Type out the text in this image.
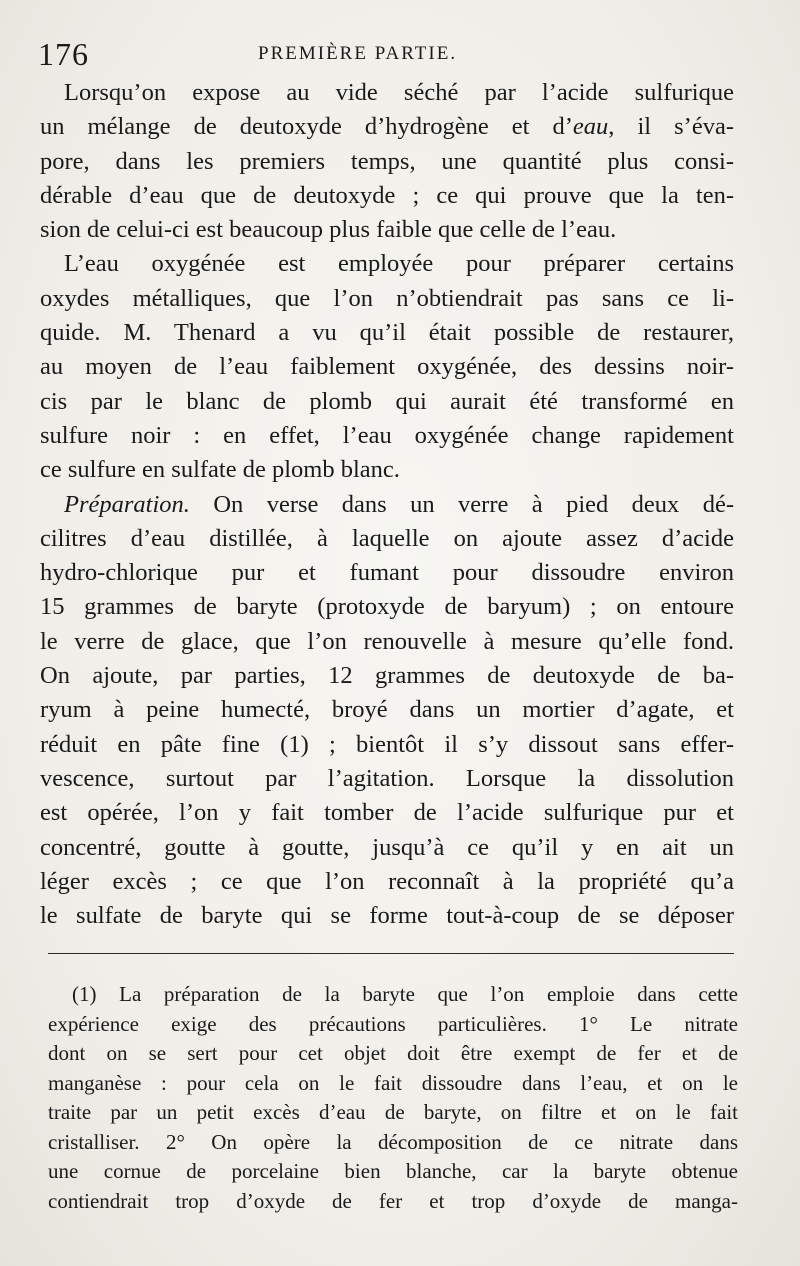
176	PREMIÈRE PARTIE.
Lorsqu’on expose au vide séché par l’acide sulfurique
un mélange de deutoxyde d’hydrogène et d’eau, il s’éva-
pore, dans les premiers temps, une quantité plus consi-
dérable d’eau que de deutoxyde ; ce qui prouve que la ten-
sion de celui-ci est beaucoup plus faible que celle de l’eau.
L’eau oxygénée est employée pour préparer certains
oxydes métalliques, que l’on n’obtiendrait pas sans ce li-
quide. M. Thenard a vu qu’il était possible de restaurer,
au moyen de l’eau faiblement oxygénée, des dessins noir-
cis par le blanc de plomb qui aurait été transformé en
sulfure noir : en effet, l’eau oxygénée change rapidement
ce sulfure en sulfate de plomb blanc.
Préparation. On verse dans un verre à pied deux dé-
cilitres d’eau distillée, à laquelle on ajoute assez d’acide
hydro-chlorique pur et fumant pour dissoudre environ
15 grammes de baryte (protoxyde de baryum) ; on entoure
le verre de glace, que l’on renouvelle à mesure qu’elle fond.
On ajoute, par parties, 12 grammes de deutoxyde de ba-
ryum à peine humecté, broyé dans un mortier d’agate, et
réduit en pâte fine (1) ; bientôt il s’y dissout sans effer-
vescence, surtout par l’agitation. Lorsque la dissolution
est opérée, l’on y fait tomber de l’acide sulfurique pur et
concentré, goutte à goutte, jusqu’à ce qu’il y en ait un
léger excès ; ce que l’on reconnaît à la propriété qu’a
le sulfate de baryte qui se forme tout-à-coup de se déposer
(1) La préparation de la baryte que l’on emploie dans cette
expérience exige des précautions particulières. 1° Le nitrate
dont on se sert pour cet objet doit être exempt de fer et de
manganèse : pour cela on le fait dissoudre dans l’eau, et on le
traite par un petit excès d’eau de baryte, on filtre et on le fait
cristalliser. 2° On opère la décomposition de ce nitrate dans
une cornue de porcelaine bien blanche, car la baryte obtenue
contiendrait trop d’oxyde de fer et trop d’oxyde de manga-
